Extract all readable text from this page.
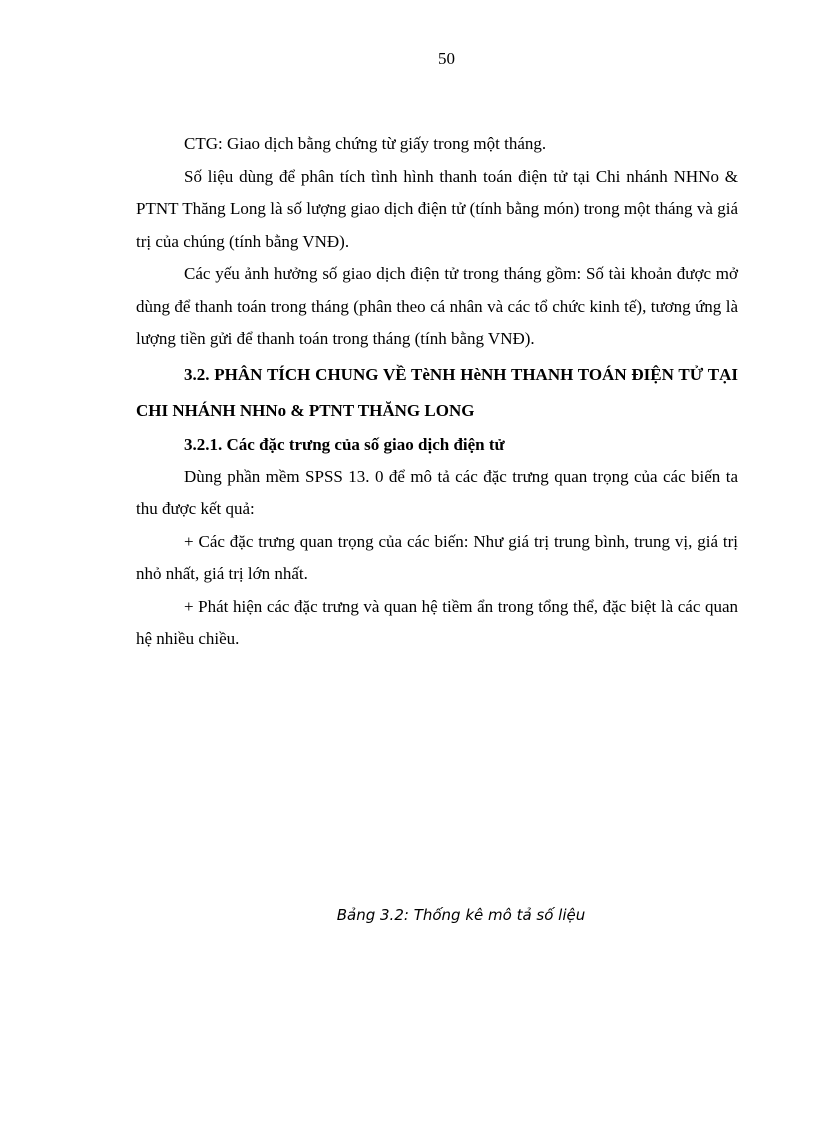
50

CTG: Giao dịch bằng chứng từ giấy trong một tháng.

Số liệu dùng để phân tích tình hình thanh toán điện tử tại Chi nhánh NHNo & PTNT Thăng Long là số lượng giao dịch điện tử (tính bằng món) trong một tháng và giá trị của chúng (tính bằng VNĐ).

Các yếu ảnh hưởng số giao dịch điện tử trong tháng gồm: Số tài khoản được mở dùng để thanh toán trong tháng (phân theo cá nhân và các tổ chức kinh tế), tương ứng là lượng tiền gửi để thanh toán trong tháng (tính bằng VNĐ).

3.2. PHÂN TÍCH CHUNG VỀ TèNH HèNH THANH TOÁN ĐIỆN TỬ TẠI CHI NHÁNH NHNo & PTNT THĂNG LONG

3.2.1. Các đặc trưng của số giao dịch điện tử

Dùng phần mềm SPSS 13. 0 để mô tả các đặc trưng quan trọng của các biến ta thu được kết quả:

+ Các đặc trưng quan trọng của các biến: Như giá trị trung bình, trung vị, giá trị nhỏ nhất, giá trị lớn nhất.

+ Phát hiện các đặc trưng và quan hệ tiềm ẩn trong tổng thể, đặc biệt là các quan hệ nhiều chiều.

Bảng 3.2: Thống kê mô tả số liệu
